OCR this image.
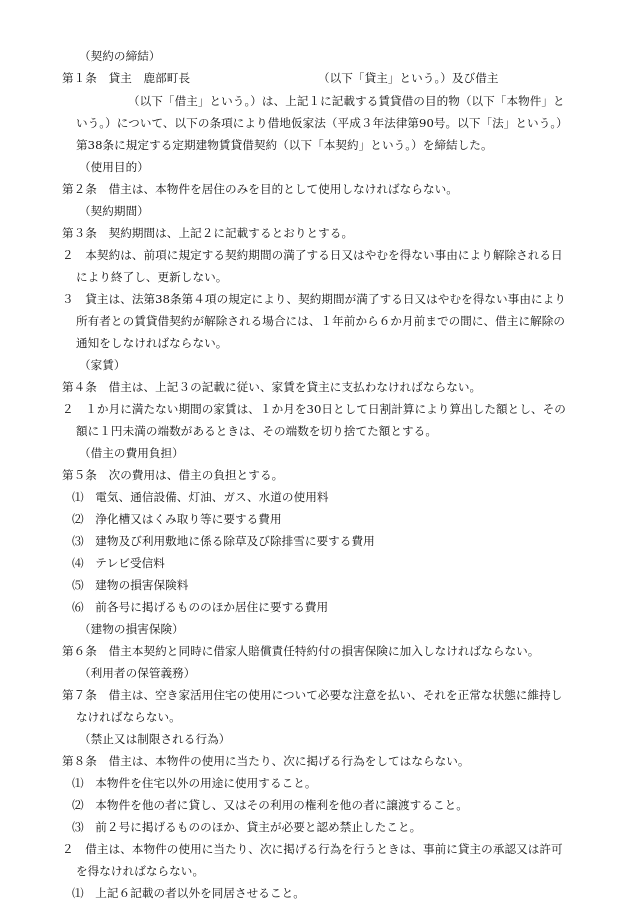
（契約の締結）
第１条　貸主　鹿部町長	（以下「貸主」という。）及び借主
（以下「借主」という。）は、上記１に記載する賃貸借の目的物（以下「本物件」と
いう。）について、以下の条項により借地仮家法（平成３年法律第90号。以下「法」という。）
第38条に規定する定期建物賃貸借契約（以下「本契約」という。）を締結した。
（使用目的）
第２条　借主は、本物件を居住のみを目的として使用しなければならない。
（契約期間）
第３条　契約期間は、上記２に記載するとおりとする。
２　本契約は、前項に規定する契約期間の満了する日又はやむを得ない事由により解除される日
により終了し、更新しない。
３　貸主は、法第38条第４項の規定により、契約期間が満了する日又はやむを得ない事由により
所有者との賃貸借契約が解除される場合には、１年前から６か月前までの間に、借主に解除の
通知をしなければならない。
（家賃）
第４条　借主は、上記３の記載に従い、家賃を貸主に支払わなければならない。
２　１か月に満たない期間の家賃は、１か月を30日として日割計算により算出した額とし、その
額に１円未満の端数があるときは、その端数を切り捨てた額とする。
（借主の費用負担）
第５条　次の費用は、借主の負担とする。
⑴　電気、通信設備、灯油、ガス、水道の使用料
⑵　浄化槽又はくみ取り等に要する費用
⑶　建物及び利用敷地に係る除草及び除排雪に要する費用
⑷　テレビ受信料
⑸　建物の損害保険料
⑹　前各号に掲げるもののほか居住に要する費用
（建物の損害保険）
第６条　借主本契約と同時に借家人賠償責任特約付の損害保険に加入しなければならない。
（利用者の保管義務）
第７条　借主は、空き家活用住宅の使用について必要な注意を払い、それを正常な状態に維持し
なければならない。
（禁止又は制限される行為）
第８条　借主は、本物件の使用に当たり、次に掲げる行為をしてはならない。
⑴　本物件を住宅以外の用途に使用すること。
⑵　本物件を他の者に貸し、又はその利用の権利を他の者に譲渡すること。
⑶　前２号に掲げるもののほか、貸主が必要と認め禁止したこと。
２　借主は、本物件の使用に当たり、次に掲げる行為を行うときは、事前に貸主の承認又は許可
を得なければならない。
⑴　上記６記載の者以外を同居させること。
